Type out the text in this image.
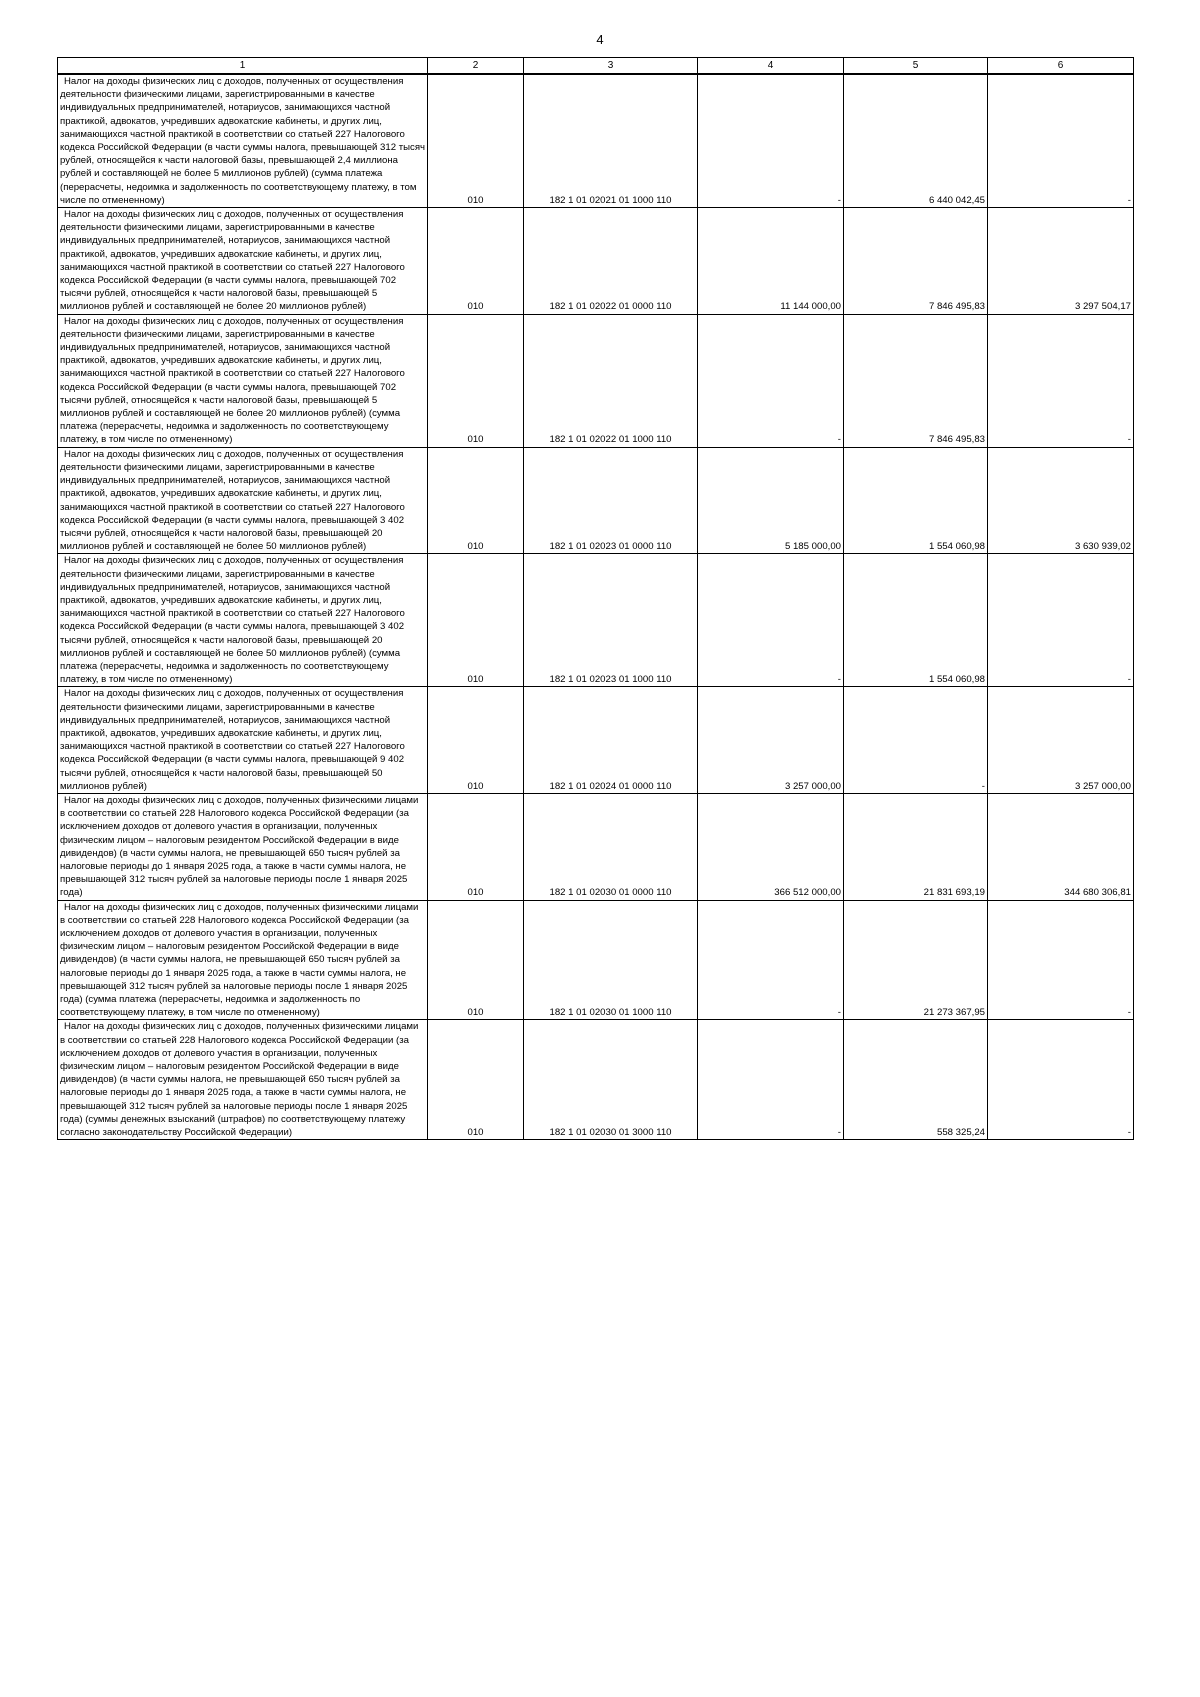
4
1	2	3	4	5	6

Налог на доходы физических лиц с доходов, полученных от осуществления деятельности физическими лицами, зарегистрированными в качестве индивидуальных предпринимателей, нотариусов, занимающихся частной практикой, адвокатов, учредивших адвокатские кабинеты, и других лиц, занимающихся частной практикой в соответствии со статьей 227 Налогового кодекса Российской Федерации (в части суммы налога, превышающей 312 тысяч рублей, относящейся к части налоговой базы, превышающей 2,4 миллиона рублей и составляющей не более 5 миллионов рублей) (сумма платежа (перерасчеты, недоимка и задолженность по соответствующему платежу, в том числе по отмененному)	010	182 1 01 02021 01 1000 110	-	6 440 042,45	-

Налог на доходы физических лиц с доходов, полученных от осуществления деятельности физическими лицами, зарегистрированными в качестве индивидуальных предпринимателей, нотариусов, занимающихся частной практикой, адвокатов, учредивших адвокатские кабинеты, и других лиц, занимающихся частной практикой в соответствии со статьей 227 Налогового кодекса Российской Федерации (в части суммы налога, превышающей 702 тысячи рублей, относящейся к части налоговой базы, превышающей 5 миллионов рублей и составляющей не более 20 миллионов рублей)	010	182 1 01 02022 01 0000 110	11 144 000,00	7 846 495,83	3 297 504,17

Налог на доходы физических лиц с доходов, полученных от осуществления деятельности физическими лицами, зарегистрированными в качестве индивидуальных предпринимателей, нотариусов, занимающихся частной практикой, адвокатов, учредивших адвокатские кабинеты, и других лиц, занимающихся частной практикой в соответствии со статьей 227 Налогового кодекса Российской Федерации (в части суммы налога, превышающей 702 тысячи рублей, относящейся к части налоговой базы, превышающей 5 миллионов рублей и составляющей не более 20 миллионов рублей) (сумма платежа (перерасчеты, недоимка и задолженность по соответствующему платежу, в том числе по отмененному)	010	182 1 01 02022 01 1000 110	-	7 846 495,83	-

Налог на доходы физических лиц с доходов, полученных от осуществления деятельности физическими лицами, зарегистрированными в качестве индивидуальных предпринимателей, нотариусов, занимающихся частной практикой, адвокатов, учредивших адвокатские кабинеты, и других лиц, занимающихся частной практикой в соответствии со статьей 227 Налогового кодекса Российской Федерации (в части суммы налога, превышающей 3 402 тысячи рублей, относящейся к части налоговой базы, превышающей 20 миллионов рублей и составляющей не более 50 миллионов рублей)	010	182 1 01 02023 01 0000 110	5 185 000,00	1 554 060,98	3 630 939,02

Налог на доходы физических лиц с доходов, полученных от осуществления деятельности физическими лицами, зарегистрированными в качестве индивидуальных предпринимателей, нотариусов, занимающихся частной практикой, адвокатов, учредивших адвокатские кабинеты, и других лиц, занимающихся частной практикой в соответствии со статьей 227 Налогового кодекса Российской Федерации (в части суммы налога, превышающей 3 402 тысячи рублей, относящейся к части налоговой базы, превышающей 20 миллионов рублей и составляющей не более 50 миллионов рублей) (сумма платежа (перерасчеты, недоимка и задолженность по соответствующему платежу, в том числе по отмененному)	010	182 1 01 02023 01 1000 110	-	1 554 060,98	-

Налог на доходы физических лиц с доходов, полученных от осуществления деятельности физическими лицами, зарегистрированными в качестве индивидуальных предпринимателей, нотариусов, занимающихся частной практикой, адвокатов, учредивших адвокатские кабинеты, и других лиц, занимающихся частной практикой в соответствии со статьей 227 Налогового кодекса Российской Федерации (в части суммы налога, превышающей 9 402 тысячи рублей, относящейся к части налоговой базы, превышающей 50 миллионов рублей)	010	182 1 01 02024 01 0000 110	3 257 000,00	-	3 257 000,00

Налог на доходы физических лиц с доходов, полученных физическими лицами в соответствии со статьей 228 Налогового кодекса Российской Федерации (за исключением доходов от долевого участия в организации, полученных физическим лицом – налоговым резидентом Российской Федерации в виде дивидендов) (в части суммы налога, не превышающей 650 тысяч рублей за налоговые периоды до 1 января 2025 года, а также в части суммы налога, не превышающей 312 тысяч рублей за налоговые периоды после 1 января 2025 года)	010	182 1 01 02030 01 0000 110	366 512 000,00	21 831 693,19	344 680 306,81

Налог на доходы физических лиц с доходов, полученных физическими лицами в соответствии со статьей 228 Налогового кодекса Российской Федерации (за исключением доходов от долевого участия в организации, полученных физическим лицом – налоговым резидентом Российской Федерации в виде дивидендов) (в части суммы налога, не превышающей 650 тысяч рублей за налоговые периоды до 1 января 2025 года, а также в части суммы налога, не превышающей 312 тысяч рублей за налоговые периоды после 1 января 2025 года) (сумма платежа (перерасчеты, недоимка и задолженность по соответствующему платежу, в том числе по отмененному)	010	182 1 01 02030 01 1000 110	-	21 273 367,95	-

Налог на доходы физических лиц с доходов, полученных физическими лицами в соответствии со статьей 228 Налогового кодекса Российской Федерации (за исключением доходов от долевого участия в организации, полученных физическим лицом – налоговым резидентом Российской Федерации в виде дивидендов) (в части суммы налога, не превышающей 650 тысяч рублей за налоговые периоды до 1 января 2025 года, а также в части суммы налога, не превышающей 312 тысяч рублей за налоговые периоды после 1 января 2025 года) (суммы денежных взысканий (штрафов) по соответствующему платежу согласно законодательству Российской Федерации)	010	182 1 01 02030 01 3000 110	-	558 325,24	-
